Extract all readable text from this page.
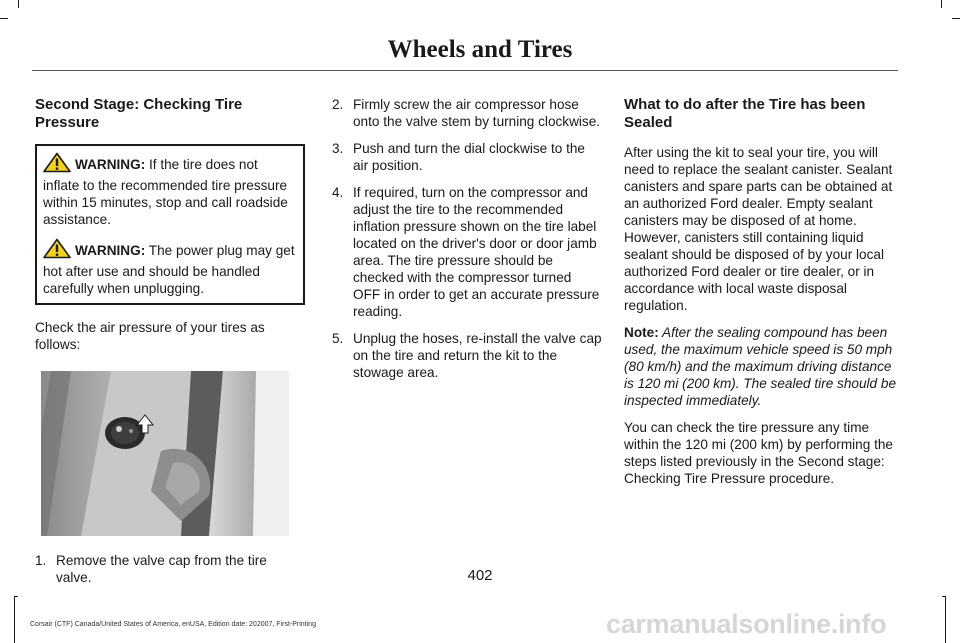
Wheels and Tires
Second Stage: Checking Tire Pressure
WARNING: If the tire does not inflate to the recommended tire pressure within 15 minutes, stop and call roadside assistance.
WARNING: The power plug may get hot after use and should be handled carefully when unplugging.

Check the air pressure of your tires as follows:

1. Remove the valve cap from the tire valve.
2. Firmly screw the air compressor hose onto the valve stem by turning clockwise.
3. Push and turn the dial clockwise to the air position.
4. If required, turn on the compressor and adjust the tire to the recommended inflation pressure shown on the tire label located on the driver's door or door jamb area. The tire pressure should be checked with the compressor turned OFF in order to get an accurate pressure reading.
5. Unplug the hoses, re-install the valve cap on the tire and return the kit to the stowage area.
What to do after the Tire has been Sealed

After using the kit to seal your tire, you will need to replace the sealant canister. Sealant canisters and spare parts can be obtained at an authorized Ford dealer. Empty sealant canisters may be disposed of at home. However, canisters still containing liquid sealant should be disposed of by your local authorized Ford dealer or tire dealer, or in accordance with local waste disposal regulation.

Note: After the sealing compound has been used, the maximum vehicle speed is 50 mph (80 km/h) and the maximum driving distance is 120 mi (200 km). The sealed tire should be inspected immediately.

You can check the tire pressure any time within the 120 mi (200 km) by performing the steps listed previously in the Second stage: Checking Tire Pressure procedure.

402
Corsair (CTF) Canada/United States of America, enUSA, Edition date: 202007, First-Printing	carmanualsonline.info
